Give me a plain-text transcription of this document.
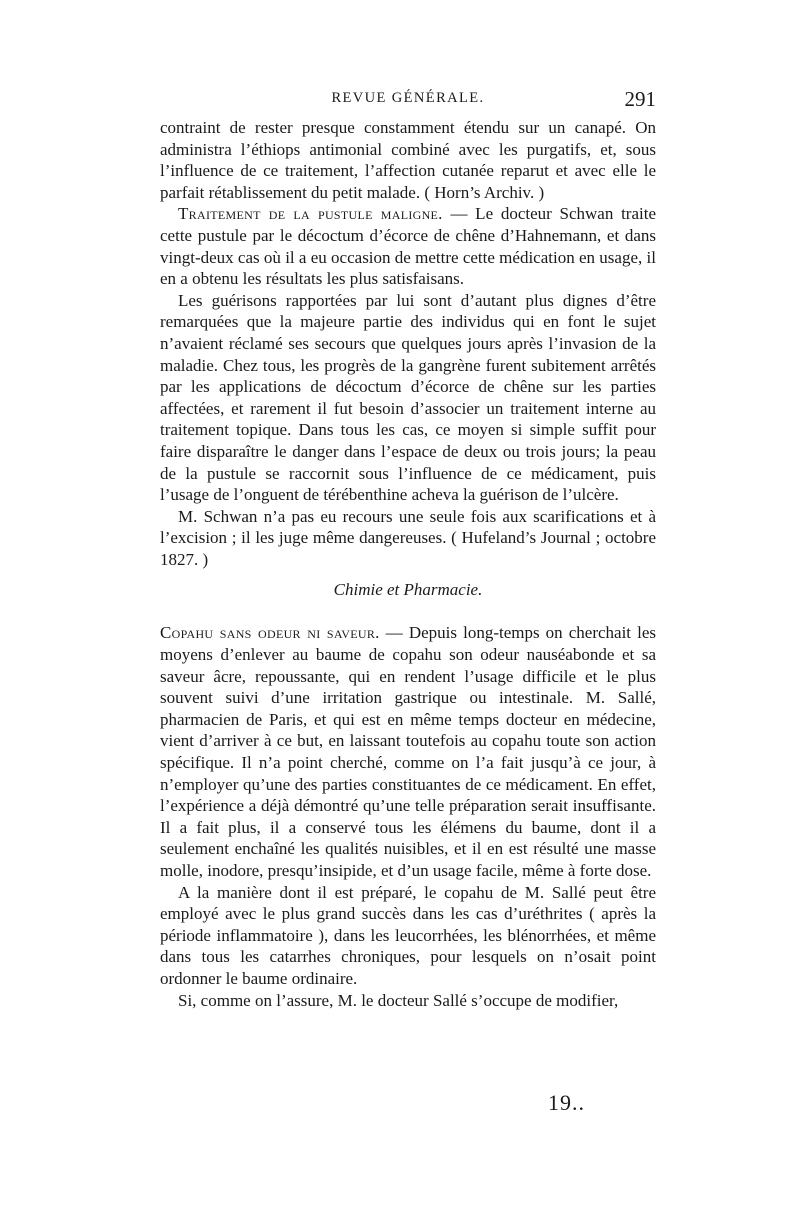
REVUE GÉNÉRALE.	291

contraint de rester presque constamment étendu sur un canapé. On administra l’éthiops antimonial combiné avec les purgatifs, et, sous l’influence de ce traitement, l’affection cutanée reparut et avec elle le parfait rétablissement du petit malade. ( Horn’s Archiv. )

Traitement de la pustule maligne. — Le docteur Schwan traite cette pustule par le décoctum d’écorce de chêne d’Hahnemann, et dans vingt-deux cas où il a eu occasion de mettre cette médication en usage, il en a obtenu les résultats les plus satisfaisans.

Les guérisons rapportées par lui sont d’autant plus dignes d’être remarquées que la majeure partie des individus qui en font le sujet n’avaient réclamé ses secours que quelques jours après l’invasion de la maladie. Chez tous, les progrès de la gangrène furent subitement arrêtés par les applications de décoctum d’écorce de chêne sur les parties affectées, et rarement il fut besoin d’associer un traitement interne au traitement topique. Dans tous les cas, ce moyen si simple suffit pour faire disparaître le danger dans l’espace de deux ou trois jours; la peau de la pustule se raccornit sous l’influence de ce médicament, puis l’usage de l’onguent de térébenthine acheva la guérison de l’ulcère.

M. Schwan n’a pas eu recours une seule fois aux scarifications et à l’excision ; il les juge même dangereuses. ( Hufeland’s Journal ; octobre 1827. )

Chimie et Pharmacie.

Copahu sans odeur ni saveur. — Depuis long-temps on cherchait les moyens d’enlever au baume de copahu son odeur nauséabonde et sa saveur âcre, repoussante, qui en rendent l’usage difficile et le plus souvent suivi d’une irritation gastrique ou intestinale. M. Sallé, pharmacien de Paris, et qui est en même temps docteur en médecine, vient d’arriver à ce but, en laissant toutefois au copahu toute son action spécifique. Il n’a point cherché, comme on l’a fait jusqu’à ce jour, à n’employer qu’une des parties constituantes de ce médicament. En effet, l’expérience a déjà démontré qu’une telle préparation serait insuffisante. Il a fait plus, il a conservé tous les élémens du baume, dont il a seulement enchaîné les qualités nuisibles, et il en est résulté une masse molle, inodore, presqu’insipide, et d’un usage facile, même à forte dose.

A la manière dont il est préparé, le copahu de M. Sallé peut être employé avec le plus grand succès dans les cas d’uréthrites ( après la période inflammatoire ), dans les leucorrhées, les blénorrhées, et même dans tous les catarrhes chroniques, pour lesquels on n’osait point ordonner le baume ordinaire.

Si, comme on l’assure, M. le docteur Sallé s’occupe de modifier,

19..
